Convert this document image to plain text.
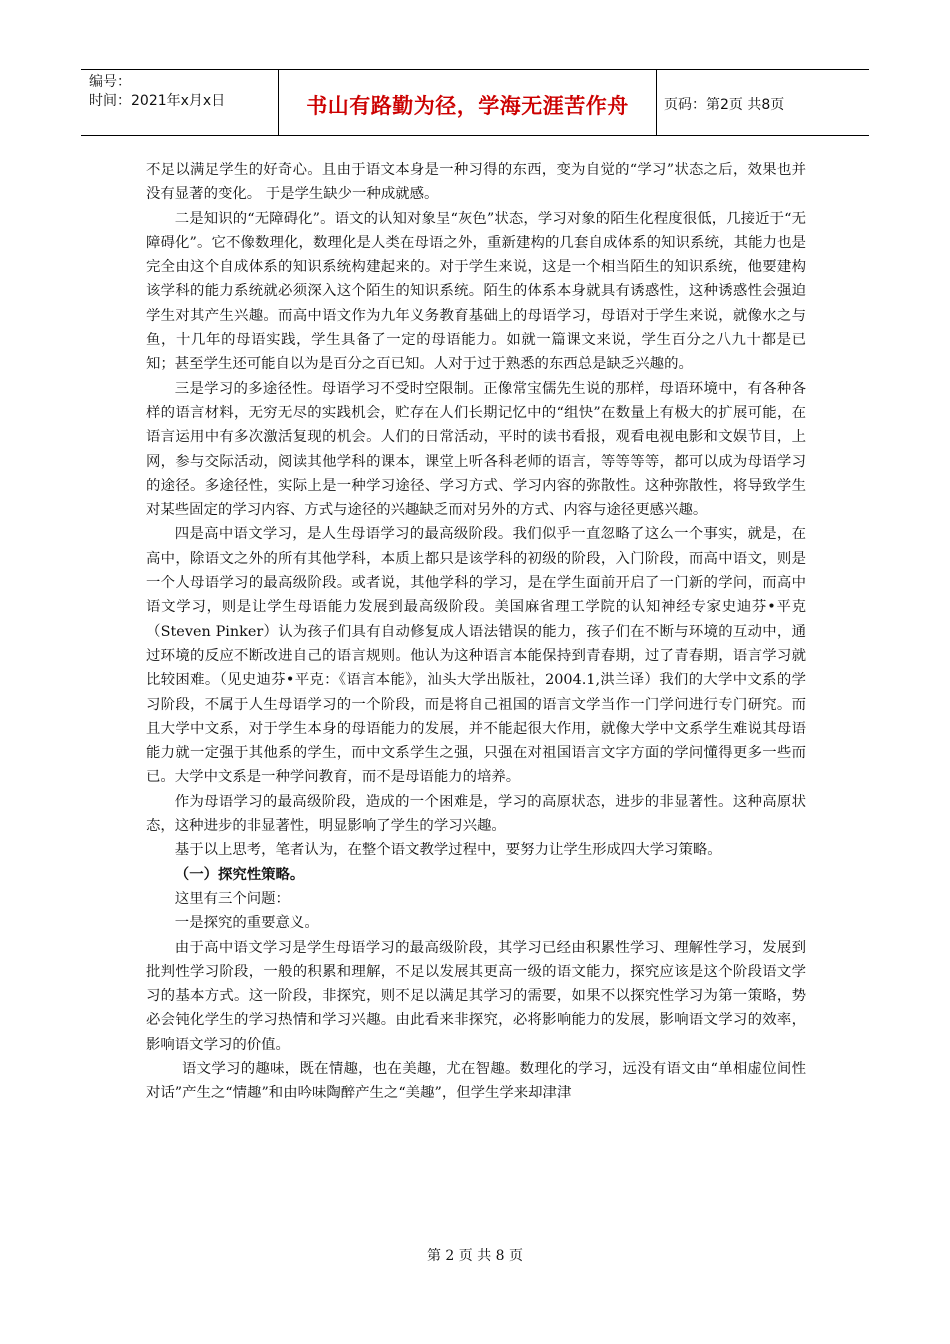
编号：
时间：2021年x月x日	书山有路勤为径，学海无涯苦作舟	页码：第2页 共8页

不足以满足学生的好奇心。且由于语文本身是一种习得的东西，变为自觉的“学习”状态之后，效果也并没有显著的变化。 于是学生缺少一种成就感。

二是知识的“无障碍化”。语文的认知对象呈“灰色”状态，学习对象的陌生化程度很低，几接近于“无障碍化”。它不像数理化，数理化是人类在母语之外，重新建构的几套自成体系的知识系统，其能力也是完全由这个自成体系的知识系统构建起来的。对于学生来说，这是一个相当陌生的知识系统，他要建构该学科的能力系统就必须深入这个陌生的知识系统。陌生的体系本身就具有诱惑性，这种诱惑性会强迫学生对其产生兴趣。而高中语文作为九年义务教育基础上的母语学习，母语对于学生来说，就像水之与鱼，十几年的母语实践，学生具备了一定的母语能力。如就一篇课文来说，学生百分之八九十都是已知；甚至学生还可能自以为是百分之百已知。人对于过于熟悉的东西总是缺乏兴趣的。

三是学习的多途径性。母语学习不受时空限制。正像常宝儒先生说的那样，母语环境中，有各种各样的语言材料，无穷无尽的实践机会，贮存在人们长期记忆中的“组快”在数量上有极大的扩展可能，在语言运用中有多次激活复现的机会。人们的日常活动，平时的读书看报，观看电视电影和文娱节目，上网，参与交际活动，阅读其他学科的课本，课堂上听各科老师的语言，等等等等，都可以成为母语学习的途径。多途径性，实际上是一种学习途径、学习方式、学习内容的弥散性。这种弥散性，将导致学生对某些固定的学习内容、方式与途径的兴趣缺乏而对另外的方式、内容与途径更感兴趣。

四是高中语文学习，是人生母语学习的最高级阶段。我们似乎一直忽略了这么一个事实，就是，在高中，除语文之外的所有其他学科，本质上都只是该学科的初级的阶段，入门阶段，而高中语文，则是一个人母语学习的最高级阶段。或者说，其他学科的学习，是在学生面前开启了一门新的学问，而高中语文学习，则是让学生母语能力发展到最高级阶段。美国麻省理工学院的认知神经专家史迪芬•平克（Steven Pinker）认为孩子们具有自动修复成人语法错误的能力，孩子们在不断与环境的互动中，通过环境的反应不断改进自己的语言规则。他认为这种语言本能保持到青春期，过了青春期，语言学习就比较困难。（见史迪芬•平克：《语言本能》，汕头大学出版社，2004.1,洪兰译）我们的大学中文系的学习阶段，不属于人生母语学习的一个阶段，而是将自己祖国的语言文学当作一门学问进行专门研究。而且大学中文系，对于学生本身的母语能力的发展，并不能起很大作用，就像大学中文系学生难说其母语能力就一定强于其他系的学生，而中文系学生之强，只强在对祖国语言文字方面的学问懂得更多一些而已。大学中文系是一种学问教育，而不是母语能力的培养。

作为母语学习的最高级阶段，造成的一个困难是，学习的高原状态，进步的非显著性。这种高原状态，这种进步的非显著性，明显影响了学生的学习兴趣。

基于以上思考，笔者认为，在整个语文教学过程中，要努力让学生形成四大学习策略。

（一）探究性策略。

这里有三个问题：

一是探究的重要意义。

由于高中语文学习是学生母语学习的最高级阶段，其学习已经由积累性学习、理解性学习，发展到批判性学习阶段，一般的积累和理解，不足以发展其更高一级的语文能力，探究应该是这个阶段语文学习的基本方式。这一阶段，非探究，则不足以满足其学习的需要，如果不以探究性学习为第一策略，势必会钝化学生的学习热情和学习兴趣。由此看来非探究，必将影响能力的发展，影响语文学习的效率，影响语文学习的价值。

语文学习的趣味，既在情趣，也在美趣，尤在智趣。数理化的学习，远没有语文由“单相虚位间性对话”产生之“情趣”和由吟味陶醉产生之“美趣”，但学生学来却津津

第 2 页 共 8 页
